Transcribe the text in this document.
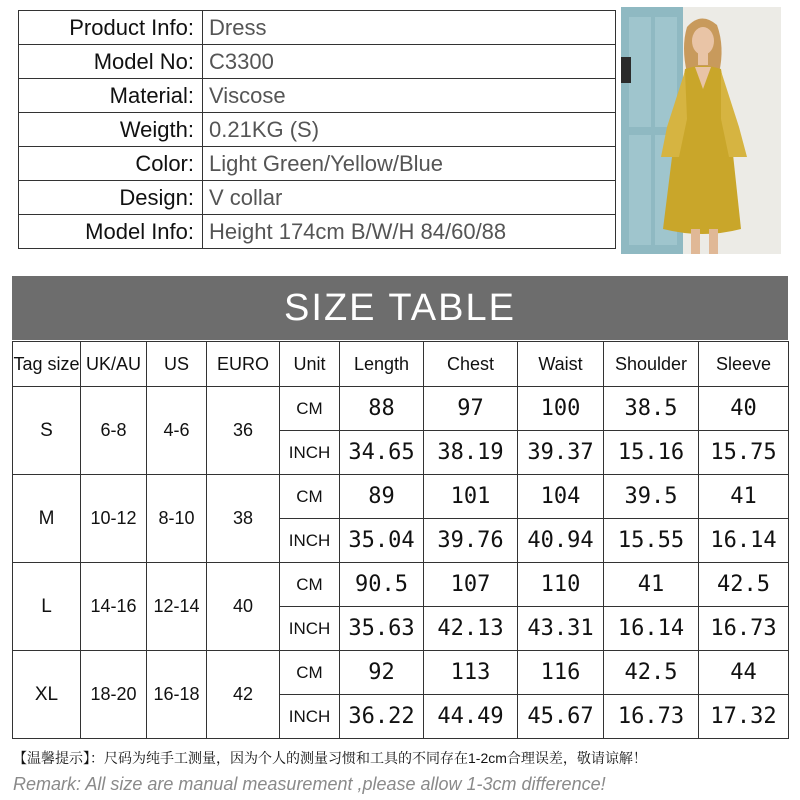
Product Info:	Dress
Model No:	C3300
Material:	Viscose
Weigth:	0.21KG (S)
Color:	Light Green/Yellow/Blue
Design:	V collar
Model Info:	Height 174cm B/W/H 84/60/88
SIZE TABLE
Tag size	UK/AU	US	EURO	Unit	Length	Chest	Waist	Shoulder	Sleeve
S	6-8	4-6	36	CM	88	97	100	38.5	40
				INCH	34.65	38.19	39.37	15.16	15.75
M	10-12	8-10	38	CM	89	101	104	39.5	41
				INCH	35.04	39.76	40.94	15.55	16.14
L	14-16	12-14	40	CM	90.5	107	110	41	42.5
				INCH	35.63	42.13	43.31	16.14	16.73
XL	18-20	16-18	42	CM	92	113	116	42.5	44
				INCH	36.22	44.49	45.67	16.73	17.32
【温馨提示】：尺码为纯手工测量，因为个人的测量习惯和工具的不同存在1-2cm合理误差，敬请谅解！
Remark: All size are manual measurement ,please allow 1-3cm difference!
